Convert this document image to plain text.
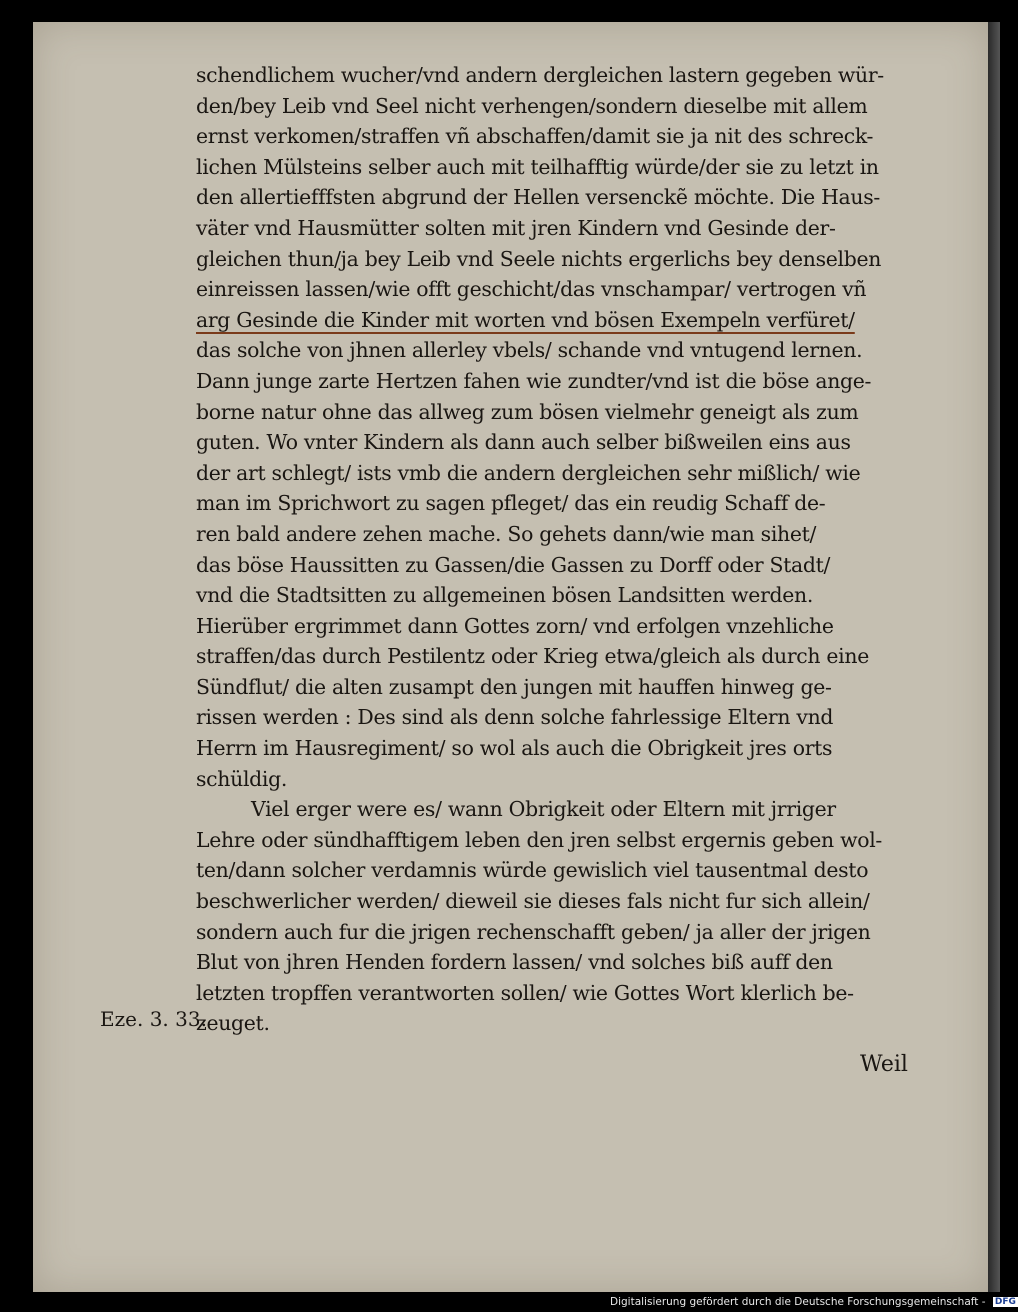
schendlichem wucher/vnd andern dergleichen lastern gegeben wür-
den/bey Leib vnd Seel nicht verhengen/sondern dieselbe mit allem
ernst verkomen/straffen vñ abschaffen/damit sie ja nit des schreck-
lichen Mülsteins selber auch mit teilhafftig würde/der sie zu letzt in
den allertiefffsten abgrund der Hellen versenckẽ möchte. Die Haus-
väter vnd Hausmütter solten mit jren Kindern vnd Gesinde der-
gleichen thun/ja bey Leib vnd Seele nichts ergerlichs bey denselben
einreissen lassen/wie offt geschicht/das vnschampar/ vertrogen vñ
arg Gesinde die Kinder mit worten vnd bösen Exempeln verfüret/
das solche von jhnen allerley vbels/ schande vnd vntugend lernen.
Dann junge zarte Hertzen fahen wie zundter/vnd ist die böse ange-
borne natur ohne das allweg zum bösen vielmehr geneigt als zum
guten. Wo vnter Kindern als dann auch selber bißweilen eins aus
der art schlegt/ ists vmb die andern dergleichen sehr mißlich/ wie
man im Sprichwort zu sagen pfleget/ das ein reudig Schaff de-
ren bald andere zehen mache. So gehets dann/wie man sihet/
das böse Haussitten zu Gassen/die Gassen zu Dorff oder Stadt/
vnd die Stadtsitten zu allgemeinen bösen Landsitten werden.
Hierüber ergrimmet dann Gottes zorn/ vnd erfolgen vnzehliche
straffen/das durch Pestilentz oder Krieg etwa/gleich als durch eine
Sündflut/ die alten zusampt den jungen mit hauffen hinweg ge-
rissen werden : Des sind als denn solche fahrlessige Eltern vnd
Herrn im Hausregiment/ so wol als auch die Obrigkeit jres orts
schüldig.
Viel erger were es/ wann Obrigkeit oder Eltern mit jrriger
Lehre oder sündhafftigem leben den jren selbst ergernis geben wol-
ten/dann solcher verdamnis würde gewislich viel tausentmal desto
beschwerlicher werden/ dieweil sie dieses fals nicht fur sich allein/
sondern auch fur die jrigen rechenschafft geben/ ja aller der jrigen
Blut von jhren Henden fordern lassen/ vnd solches biß auff den
letzten tropffen verantworten sollen/ wie Gottes Wort klerlich be-
zeuget.
Eze. 3. 33.
Weil
Digitalisierung gefördert durch die Deutsche Forschungsgemeinschaft - DFG
